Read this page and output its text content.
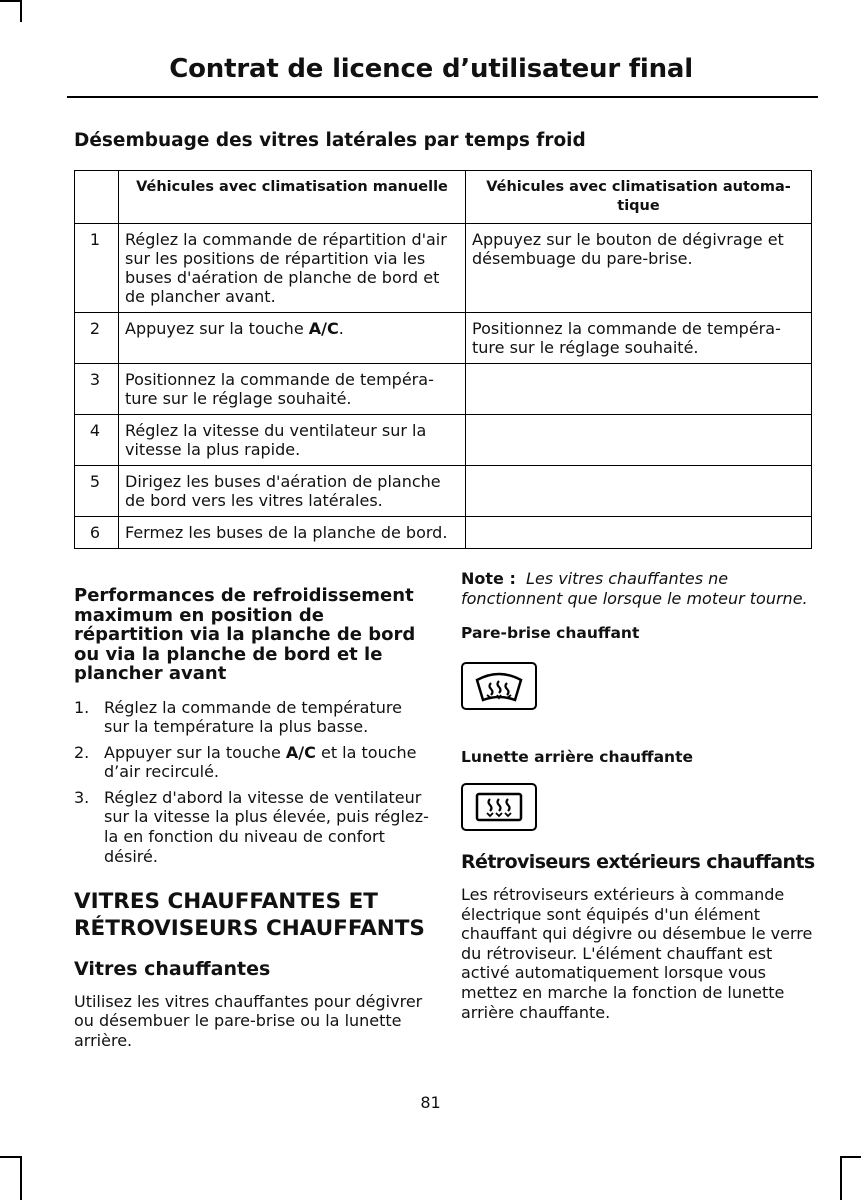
Contrat de licence d’utilisateur final
Désembuage des vitres latérales par temps froid
	Véhicules avec climatisation manuelle	Véhicules avec climatisation automa-tique
1	Réglez la commande de répartition d'air sur les positions de répartition via les buses d'aération de planche de bord et de plancher avant.	Appuyez sur le bouton de dégivrage et désembuage du pare-brise.
2	Appuyez sur la touche A/C.	Positionnez la commande de tempéra-ture sur le réglage souhaité.
3	Positionnez la commande de tempéra-ture sur le réglage souhaité.	
4	Réglez la vitesse du ventilateur sur la vitesse la plus rapide.	
5	Dirigez les buses d'aération de planche de bord vers les vitres latérales.	
6	Fermez les buses de la planche de bord.	
Performances de refroidissement maximum en position de répartition via la planche de bord ou via la planche de bord et le plancher avant
1. Réglez la commande de température sur la température la plus basse.
2. Appuyer sur la touche A/C et la touche d’air recirculé.
3. Réglez d'abord la vitesse de ventilateur sur la vitesse la plus élevée, puis réglez-la en fonction du niveau de confort désiré.
VITRES CHAUFFANTES ET RÉTROVISEURS CHAUFFANTS
Vitres chauffantes
Utilisez les vitres chauffantes pour dégivrer ou désembuer le pare-brise ou la lunette arrière.
Note : Les vitres chauffantes ne fonctionnent que lorsque le moteur tourne.
Pare-brise chauffant
Lunette arrière chauffante
Rétroviseurs extérieurs chauffants
Les rétroviseurs extérieurs à commande électrique sont équipés d'un élément chauffant qui dégivre ou désembue le verre du rétroviseur. L'élément chauffant est activé automatiquement lorsque vous mettez en marche la fonction de lunette arrière chauffante.
81
